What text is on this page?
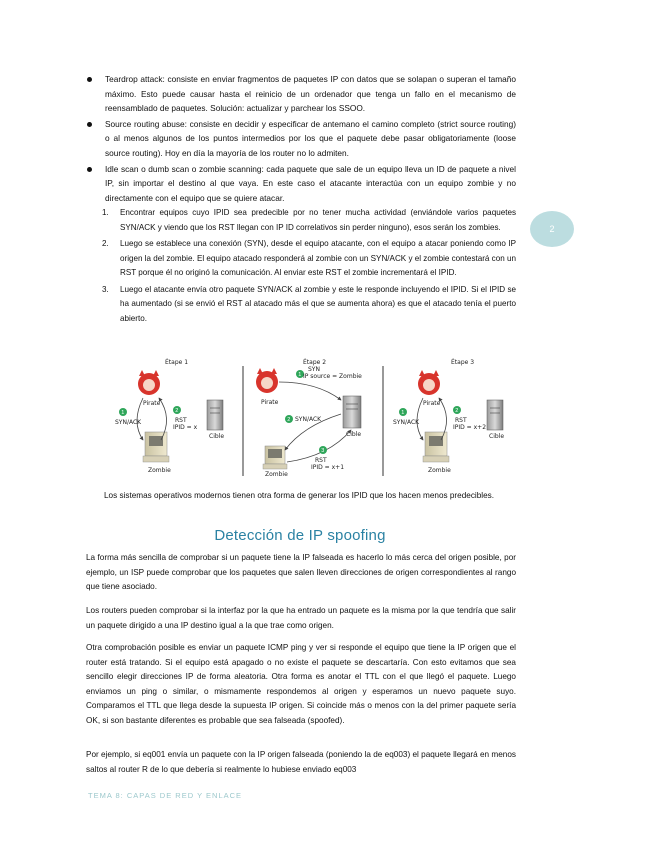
Teardrop attack: consiste en enviar fragmentos de paquetes IP con datos que se solapan o superan el tamaño máximo. Esto puede causar hasta el reinicio de un ordenador que tenga un fallo en el mecanismo de reensamblado de paquetes. Solución: actualizar y parchear los SSOO.
Source routing abuse: consiste en decidir y especificar de antemano el camino completo (strict source routing) o al menos algunos de los puntos intermedios por los que el paquete debe pasar obligatoriamente (loose source routing). Hoy en día la mayoría de los router no lo admiten.
Idle scan o dumb scan o zombie scanning: cada paquete que sale de un equipo lleva un ID de paquete a nivel IP, sin importar el destino al que vaya. En este caso el atacante interactúa con un equipo zombie y no directamente con el equipo que se quiere atacar.
1. Encontrar equipos cuyo IPID sea predecible por no tener mucha actividad (enviándole varios paquetes SYN/ACK y viendo que los RST llegan con IP ID correlativos sin perder ninguno), esos serán los zombies.
2. Luego se establece una conexión (SYN), desde el equipo atacante, con el equipo a atacar poniendo como IP origen la del zombie. El equipo atacado responderá al zombie con un SYN/ACK y el zombie contestará con un RST porque él no originó la comunicación. Al enviar este RST el zombie incrementará el IPID.
3. Luego el atacante envía otro paquete SYN/ACK al zombie y este le responde incluyendo el IPID. Si el IPID se ha aumentado (si se envió el RST al atacado más el que se aumenta ahora) es que el atacado tenía el puerto abierto.
2
Étape 1
Pirate
Cible
Zombie
1
SYN/ACK
2
RST
IPID = x
Étape 2
Pirate
Cible
Zombie
1
SYN
IP source = Zombie
2 SYN/ACK
3
RST
IPID = x+1
Étape 3
Pirate
Cible
Zombie
1
SYN/ACK
2
RST
IPID = x+2
Los sistemas operativos modernos tienen otra forma de generar los IPID que los hacen menos predecibles.
Detección de IP spoofing

La forma más sencilla de comprobar si un paquete tiene la IP falseada es hacerlo lo más cerca del origen posible, por ejemplo, un ISP puede comprobar que los paquetes que salen lleven direcciones de origen correspondientes al rango que tiene asociado.

Los routers pueden comprobar si la interfaz por la que ha entrado un paquete es la misma por la que tendría que salir un paquete dirigido a una IP destino igual a la que trae como origen.

Otra comprobación posible es enviar un paquete ICMP ping y ver si responde el equipo que tiene la IP origen que el router está tratando. Si el equipo está apagado o no existe el paquete se descartaría. Con esto evitamos que sea sencillo elegir direcciones IP de forma aleatoria. Otra forma es anotar el TTL con el que llegó el paquete. Luego enviamos un ping o similar, o mismamente respondemos al origen y esperamos un nuevo paquete suyo. Comparamos el TTL que llega desde la supuesta IP origen. Si coincide más o menos con la del primer paquete sería OK, si son bastante diferentes es probable que sea falseada (spoofed).

Por ejemplo, si eq001 envía un paquete con la IP origen falseada (poniendo la de eq003) el paquete llegará en menos saltos al router R de lo que debería si realmente lo hubiese enviado eq003

TEMA 8: CAPAS DE RED Y ENLACE
